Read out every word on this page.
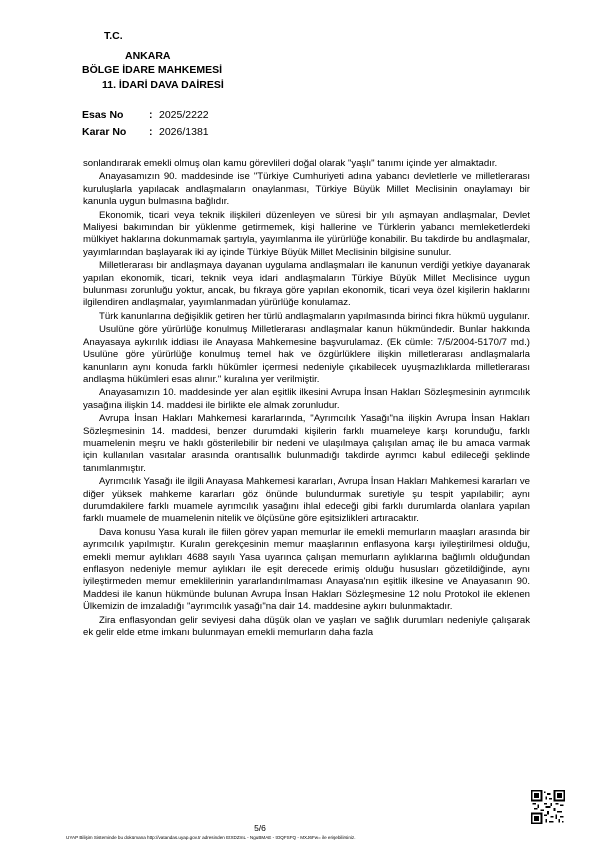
T.C.
ANKARA
BÖLGE İDARE MAHKEMESİ
11. İDARİ DAVA DAİRESİ
Esas No : 2025/2222
Karar No : 2026/1381

sonlandırarak emekli olmuş olan kamu görevlileri doğal olarak "yaşlı" tanımı içinde yer almaktadır.

Anayasamızın 90. maddesinde ise "Türkiye Cumhuriyeti adına yabancı devletlerle ve milletlerarası kuruluşlarla yapılacak andlaşmaların onaylanması, Türkiye Büyük Millet Meclisinin onaylamayı bir kanunla uygun bulmasına bağlıdır.

Ekonomik, ticari veya teknik ilişkileri düzenleyen ve süresi bir yılı aşmayan andlaşmalar, Devlet Maliyesi bakımından bir yüklenme getirmemek, kişi hallerine ve Türklerin yabancı memleketlerdeki mülkiyet haklarına dokunmamak şartıyla, yayımlanma ile yürürlüğe konabilir. Bu takdirde bu andlaşmalar, yayımlarından başlayarak iki ay içinde Türkiye Büyük Millet Meclisinin bilgisine sunulur.

Milletlerarası bir andlaşmaya dayanan uygulama andlaşmaları ile kanunun verdiği yetkiye dayanarak yapılan ekonomik, ticari, teknik veya idari andlaşmaların Türkiye Büyük Millet Meclisince uygun bulunması zorunluğu yoktur, ancak, bu fıkraya göre yapılan ekonomik, ticari veya özel kişilerin haklarını ilgilendiren andlaşmalar, yayımlanmadan yürürlüğe konulamaz.

Türk kanunlarına değişiklik getiren her türlü andlaşmaların yapılmasında birinci fıkra hükmü uygulanır.

Usulüne göre yürürlüğe konulmuş Milletlerarası andlaşmalar kanun hükmündedir. Bunlar hakkında Anayasaya aykırılık iddiası ile Anayasa Mahkemesine başvurulamaz. (Ek cümle: 7/5/2004-5170/7 md.) Usulüne göre yürürlüğe konulmuş temel hak ve özgürlüklere ilişkin milletlerarası andlaşmalarla kanunların aynı konuda farklı hükümler içermesi nedeniyle çıkabilecek uyuşmazlıklarda milletlerarası andlaşma hükümleri esas alınır." kuralına yer verilmiştir.

Anayasamızın 10. maddesinde yer alan eşitlik ilkesini Avrupa İnsan Hakları Sözleşmesinin ayrımcılık yasağına ilişkin 14. maddesi ile birlikte ele almak zorunludur.

Avrupa İnsan Hakları Mahkemesi kararlarında, "Ayrımcılık Yasağı"na ilişkin Avrupa İnsan Hakları Sözleşmesinin 14. maddesi, benzer durumdaki kişilerin farklı muameleye karşı korunduğu, farklı muamelenin meşru ve haklı gösterilebilir bir nedeni ve ulaşılmaya çalışılan amaç ile bu amaca varmak için kullanılan vasıtalar arasında orantısallık bulunmadığı takdirde ayrımcı kabul edileceği şeklinde tanımlanmıştır.

Ayrımcılık Yasağı ile ilgili Anayasa Mahkemesi kararları, Avrupa İnsan Hakları Mahkemesi kararları ve diğer yüksek mahkeme kararları göz önünde bulundurmak suretiyle şu tespit yapılabilir; aynı durumdakilere farklı muamele ayrımcılık yasağını ihlal edeceği gibi farklı durumlarda olanlara yapılan farklı muamele de muamelenin nitelik ve ölçüsüne göre eşitsizlikleri artıracaktır.

Dava konusu Yasa kuralı ile fiilen görev yapan memurlar ile emekli memurların maaşları arasında bir ayrımcılık yapılmıştır. Kuralın gerekçesinin memur maaşlarının enflasyona karşı iyileştirilmesi olduğu, emekli memur aylıkları 4688 sayılı Yasa uyarınca çalışan memurların aylıklarına bağlımlı olduğundan enflasyon nedeniyle memur aylıkları ile eşit derecede erimiş olduğu hususları gözetildiğinde, aynı iyileştirmeden memur emeklilerinin yararlandırılmaması Anayasa'nın eşitlik ilkesine ve Anayasanın 90. Maddesi ile kanun hükmünde bulunan Avrupa İnsan Hakları Sözleşmesine 12 nolu Protokol ile eklenen Ülkemizin de imzaladığı "ayrımcılık yasağı"na dair 14. maddesine aykırı bulunmaktadır.

Zira enflasyondan gelir seviyesi daha düşük olan ve yaşları ve sağlık durumları nedeniyle çalışarak ek gelir elde etme imkanı bulunmayan emekli memurların daha fazla

5/6
UYAP Bilişim Sisteminde bu dokümana http://vatandas.uyap.gov.tr adresinden EtXDZmL - NguBMAE - tOQFSFQ - MXJ6Fw= ile erişebilirsiniz.
